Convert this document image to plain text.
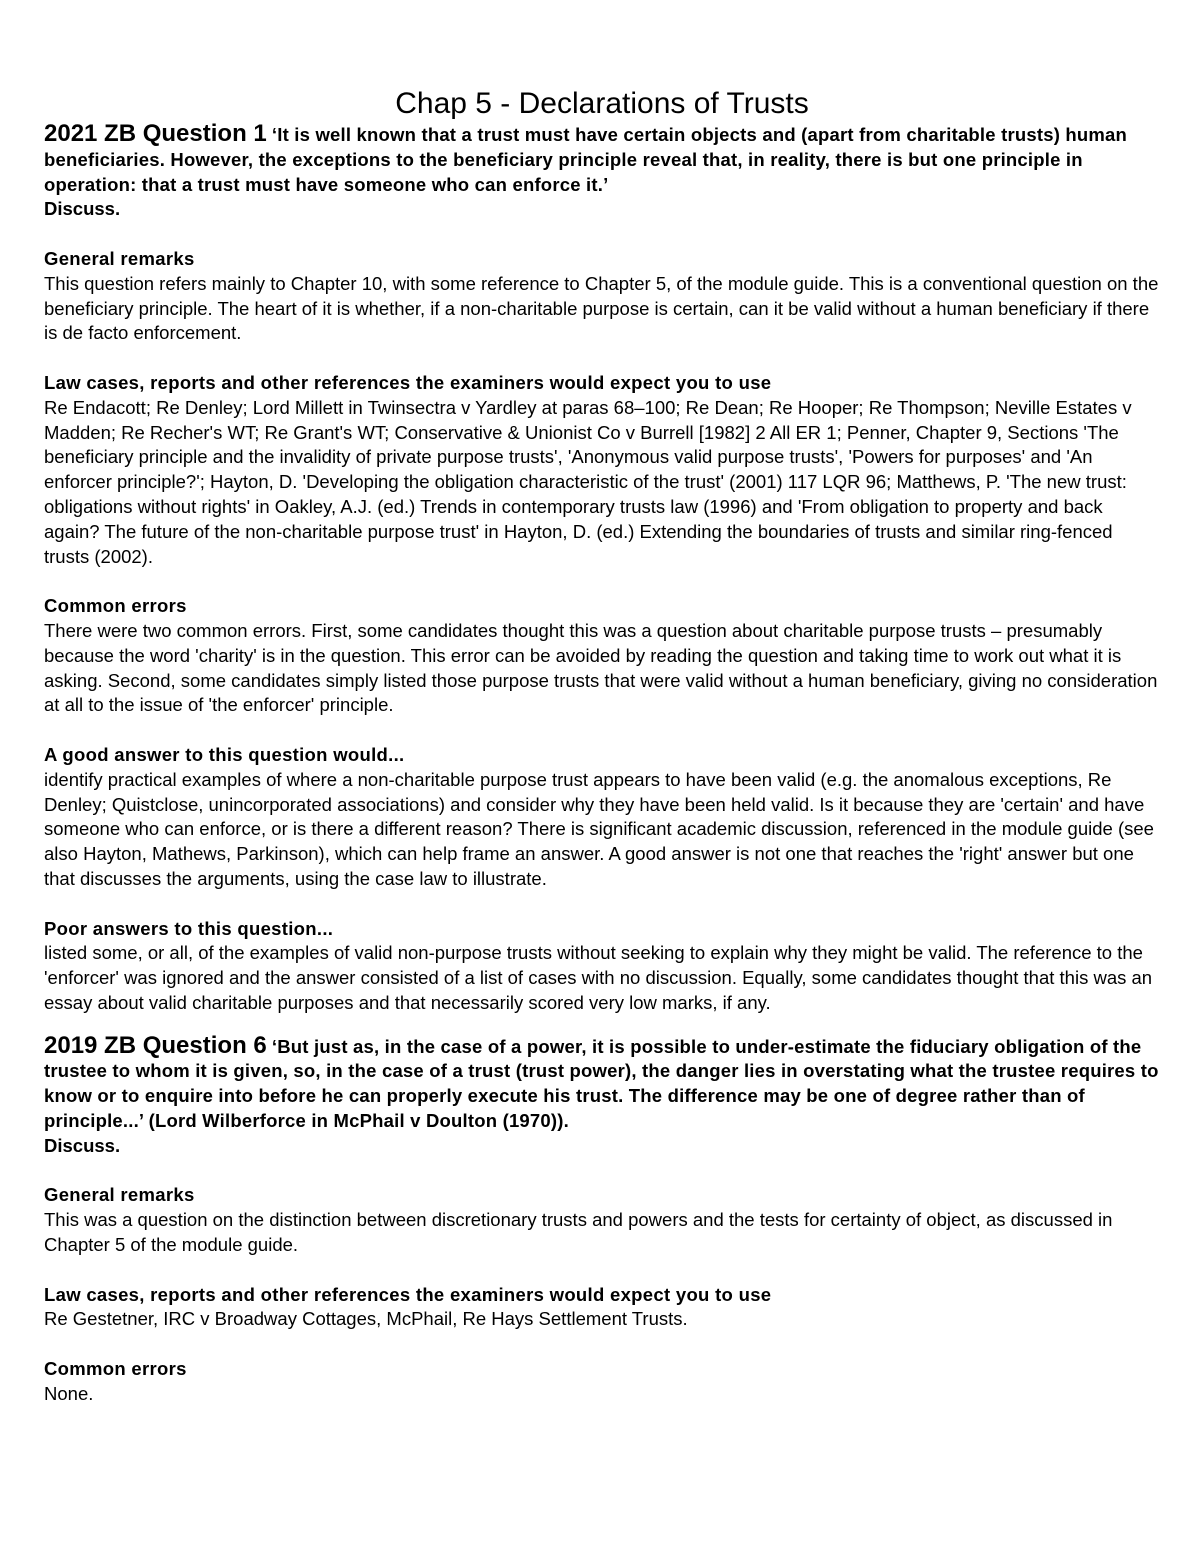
Chap 5 - Declarations of Trusts
2021 ZB Question 1 ‘It is well known that a trust must have certain objects and (apart from charitable trusts) human beneficiaries. However, the exceptions to the beneficiary principle reveal that, in reality, there is but one principle in operation: that a trust must have someone who can enforce it.’
Discuss.
General remarks
This question refers mainly to Chapter 10, with some reference to Chapter 5, of the module guide. This is a conventional question on the beneficiary principle. The heart of it is whether, if a non-charitable purpose is certain, can it be valid without a human beneficiary if there is de facto enforcement.
Law cases, reports and other references the examiners would expect you to use
Re Endacott; Re Denley; Lord Millett in Twinsectra v Yardley at paras 68–100; Re Dean; Re Hooper; Re Thompson; Neville Estates v Madden; Re Recher's WT; Re Grant's WT; Conservative & Unionist Co v Burrell [1982] 2 All ER 1; Penner, Chapter 9, Sections 'The beneficiary principle and the invalidity of private purpose trusts', 'Anonymous valid purpose trusts', 'Powers for purposes' and 'An enforcer principle?'; Hayton, D. 'Developing the obligation characteristic of the trust' (2001) 117 LQR 96; Matthews, P. 'The new trust: obligations without rights' in Oakley, A.J. (ed.) Trends in contemporary trusts law (1996) and 'From obligation to property and back again? The future of the non-charitable purpose trust' in Hayton, D. (ed.) Extending the boundaries of trusts and similar ring-fenced trusts (2002).
Common errors
There were two common errors. First, some candidates thought this was a question about charitable purpose trusts – presumably because the word 'charity' is in the question. This error can be avoided by reading the question and taking time to work out what it is asking. Second, some candidates simply listed those purpose trusts that were valid without a human beneficiary, giving no consideration at all to the issue of 'the enforcer' principle.
A good answer to this question would...
identify practical examples of where a non-charitable purpose trust appears to have been valid (e.g. the anomalous exceptions, Re Denley; Quistclose, unincorporated associations) and consider why they have been held valid. Is it because they are 'certain' and have someone who can enforce, or is there a different reason? There is significant academic discussion, referenced in the module guide (see also Hayton, Mathews, Parkinson), which can help frame an answer. A good answer is not one that reaches the 'right' answer but one that discusses the arguments, using the case law to illustrate.
Poor answers to this question...
listed some, or all, of the examples of valid non-purpose trusts without seeking to explain why they might be valid. The reference to the 'enforcer' was ignored and the answer consisted of a list of cases with no discussion. Equally, some candidates thought that this was an essay about valid charitable purposes and that necessarily scored very low marks, if any.
2019 ZB Question 6 ‘But just as, in the case of a power, it is possible to under-estimate the fiduciary obligation of the trustee to whom it is given, so, in the case of a trust (trust power), the danger lies in overstating what the trustee requires to know or to enquire into before he can properly execute his trust. The difference may be one of degree rather than of principle...’ (Lord Wilberforce in McPhail v Doulton (1970)).
Discuss.
General remarks
This was a question on the distinction between discretionary trusts and powers and the tests for certainty of object, as discussed in Chapter 5 of the module guide.
Law cases, reports and other references the examiners would expect you to use
Re Gestetner, IRC v Broadway Cottages, McPhail, Re Hays Settlement Trusts.
Common errors
None.
